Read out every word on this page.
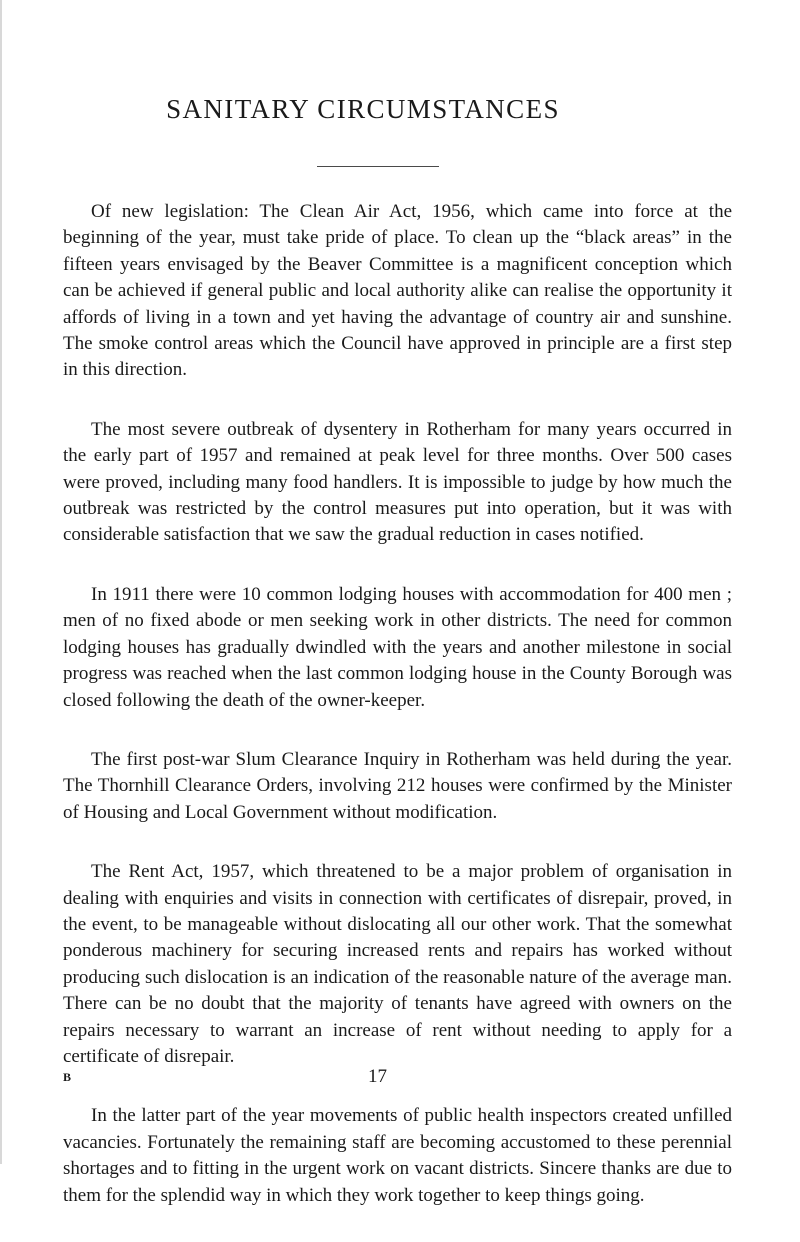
SANITARY CIRCUMSTANCES

Of new legislation: The Clean Air Act, 1956, which came into force at the beginning of the year, must take pride of place. To clean up the “black areas” in the fifteen years envisaged by the Beaver Committee is a magnificent conception which can be achieved if general public and local authority alike can realise the opportunity it affords of living in a town and yet having the advantage of country air and sunshine. The smoke control areas which the Council have approved in principle are a first step in this direction.

The most severe outbreak of dysentery in Rotherham for many years occurred in the early part of 1957 and remained at peak level for three months. Over 500 cases were proved, including many food handlers. It is impossible to judge by how much the outbreak was restricted by the control measures put into operation, but it was with considerable satisfaction that we saw the gradual reduction in cases notified.

In 1911 there were 10 common lodging houses with accommodation for 400 men ; men of no fixed abode or men seeking work in other districts. The need for common lodging houses has gradually dwindled with the years and another milestone in social progress was reached when the last common lodging house in the County Borough was closed following the death of the owner-keeper.

The first post-war Slum Clearance Inquiry in Rotherham was held during the year. The Thornhill Clearance Orders, involving 212 houses were confirmed by the Minister of Housing and Local Government without modification.

The Rent Act, 1957, which threatened to be a major problem of organisation in dealing with enquiries and visits in connection with certificates of disrepair, proved, in the event, to be manageable without dislocating all our other work. That the somewhat ponderous machinery for securing increased rents and repairs has worked without producing such dislocation is an indication of the reasonable nature of the average man. There can be no doubt that the majority of tenants have agreed with owners on the repairs necessary to warrant an increase of rent without needing to apply for a certificate of disrepair.

In the latter part of the year movements of public health inspectors created unfilled vacancies. Fortunately the remaining staff are becoming accustomed to these perennial shortages and to fitting in the urgent work on vacant districts. Sincere thanks are due to them for the splendid way in which they work together to keep things going.

B	17
